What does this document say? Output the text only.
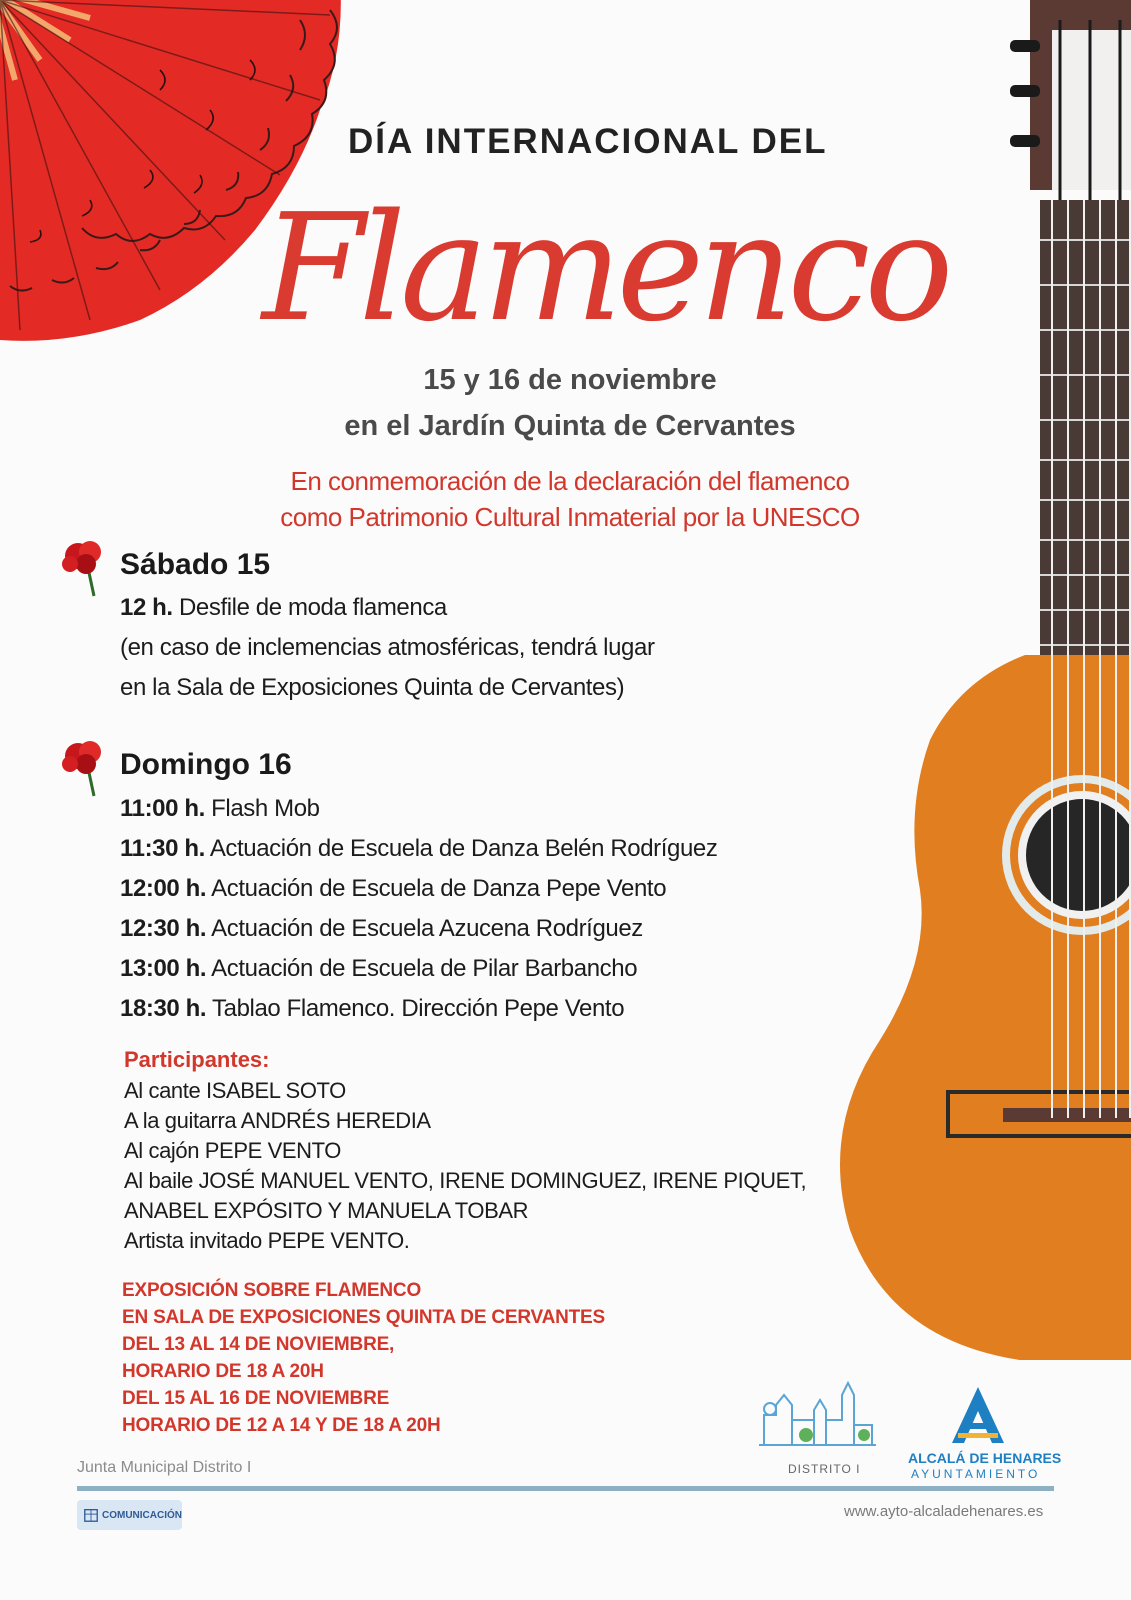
DÍA INTERNACIONAL DEL
Flamenco
15 y 16 de noviembre
en el Jardín Quinta de Cervantes
En conmemoración de la declaración del flamenco
como Patrimonio Cultural Inmaterial por la UNESCO
Sábado 15
12 h. Desfile de moda flamenca
(en caso de inclemencias atmosféricas, tendrá lugar
en la Sala de Exposiciones Quinta de Cervantes)
Domingo 16
11:00 h. Flash Mob
11:30 h. Actuación de Escuela de Danza Belén Rodríguez
12:00 h. Actuación de Escuela de Danza Pepe Vento
12:30 h. Actuación de Escuela Azucena Rodríguez
13:00 h. Actuación de Escuela de Pilar Barbancho
18:30 h. Tablao Flamenco. Dirección Pepe Vento
Participantes:
Al cante ISABEL SOTO
A la guitarra ANDRÉS HEREDIA
Al cajón PEPE VENTO
Al baile JOSÉ MANUEL VENTO, IRENE DOMINGUEZ, IRENE PIQUET,
ANABEL EXPÓSITO Y MANUELA TOBAR
Artista invitado PEPE VENTO.
EXPOSICIÓN SOBRE FLAMENCO
EN SALA DE EXPOSICIONES QUINTA DE CERVANTES
DEL 13 AL 14 DE NOVIEMBRE,
HORARIO DE 18 A 20H
DEL 15 AL 16 DE NOVIEMBRE
HORARIO DE 12 A 14 Y DE 18 A 20H
DISTRITO I
ALCALÁ DE HENARES
AYUNTAMIENTO
Junta Municipal Distrito I
COMUNICACIÓN	www.ayto-alcaladehenares.es
